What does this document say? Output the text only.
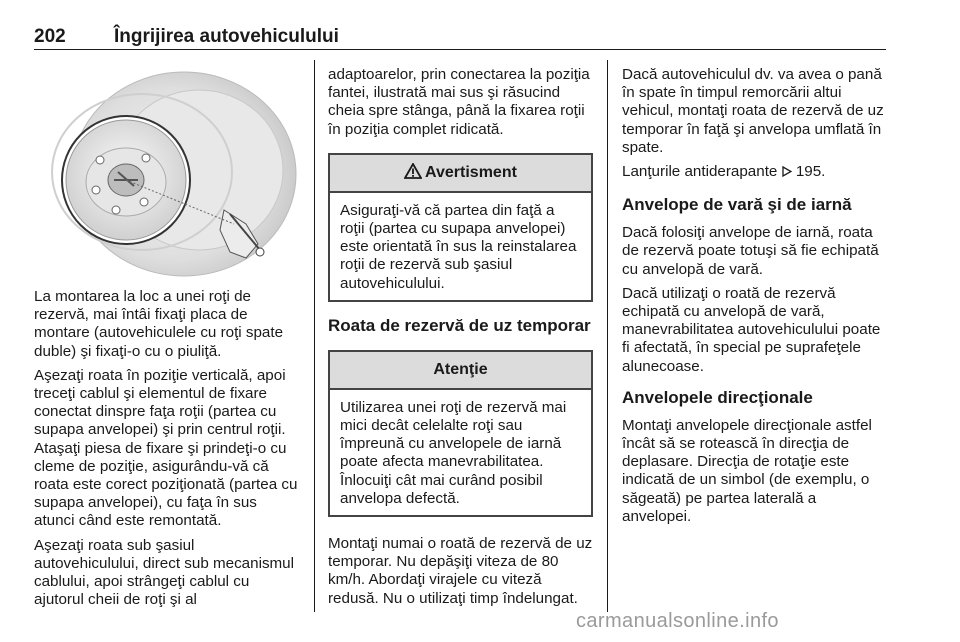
202	Îngrijirea autovehiculului

La montarea la loc a unei roţi de rezervă, mai întâi fixaţi placa de montare (autovehiculele cu roţi spate duble) şi fixaţi-o cu o piuliţă.

Aşezaţi roata în poziţie verticală, apoi treceţi cablul şi elementul de fixare conectat dinspre faţa roţii (partea cu supapa anvelopei) şi prin centrul roţii. Ataşaţi piesa de fixare şi prindeţi-o cu cleme de poziţie, asigurându-vă că roata este corect poziţionată (partea cu supapa anvelopei), cu faţa în sus atunci când este remontată.

Aşezaţi roata sub şasiul autovehiculului, direct sub mecanismul cablului, apoi strângeţi cablul cu ajutorul cheii de roţi şi al

adaptoarelor, prin conectarea la poziţia fantei, ilustrată mai sus şi răsucind cheia spre stânga, până la fixarea roţii în poziţia complet ridicată.

Avertisment
Asiguraţi-vă că partea din faţă a roţii (partea cu supapa anvelopei) este orientată în sus la reinstalarea roţii de rezervă sub şasiul autovehiculului.
Roata de rezervă de uz temporar
Atenţie
Utilizarea unei roţi de rezervă mai mici decât celelalte roţi sau împreună cu anvelopele de iarnă poate afecta manevrabilitatea. Înlocuiţi cât mai curând posibil anvelopa defectă.

Montaţi numai o roată de rezervă de uz temporar. Nu depăşiţi viteza de 80 km/h. Abordaţi virajele cu viteză redusă. Nu o utilizaţi timp îndelungat.

Dacă autovehiculul dv. va avea o pană în spate în timpul remorcării altui vehicul, montaţi roata de rezervă de uz temporar în faţă şi anvelopa umflată în spate.

Lanţurile antiderapante 195.

Anvelope de vară şi de iarnă

Dacă folosiţi anvelope de iarnă, roata de rezervă poate totuşi să fie echipată cu anvelopă de vară.

Dacă utilizaţi o roată de rezervă echipată cu anvelopă de vară, manevrabilitatea autovehiculului poate fi afectată, în special pe suprafeţele alunecoase.

Anvelopele direcţionale

Montaţi anvelopele direcţionale astfel încât să se rotească în direcţia de deplasare. Direcţia de rotaţie este indicată de un simbol (de exemplu, o săgeată) pe partea laterală a anvelopei.

carmanualsonline.info
